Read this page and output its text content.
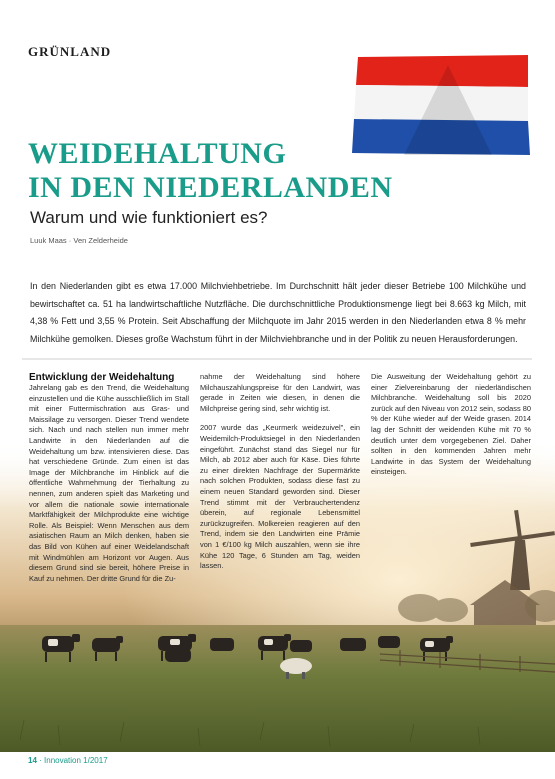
GRÜNLAND
WEIDEHALTUNG
IN DEN NIEDERLANDEN
Warum und wie funktioniert es?
Luuk Maas · Ven Zelderheide
In den Niederlanden gibt es etwa 17.000 Milchviehbetriebe. Im Durchschnitt hält jeder dieser Betriebe 100 Milchkühe und bewirtschaftet ca. 51 ha landwirtschaftliche Nutzfläche. Die durchschnittliche Produktionsmenge liegt bei 8.663 kg Milch, mit 4,38 % Fett und 3,55 % Protein. Seit Abschaffung der Milchquote im Jahr 2015 werden in den Niederlanden etwa 8 % mehr Milchkühe gemolken. Dieses große Wachstum führt in der Milchviehbranche und in der Politik zu neuen Herausforderungen.
Entwicklung der Weidehaltung

Jahrelang gab es den Trend, die Weidehaltung einzustellen und die Kühe ausschließlich im Stall mit einer Futtermischration aus Gras- und Maissilage zu versorgen. Dieser Trend wendete sich. Nach und nach stellen nun immer mehr Landwirte in den Niederlanden auf die Weidehaltung um bzw. intensivieren diese. Das hat verschiedene Gründe. Zum einen ist das Image der Milchbranche im Hinblick auf die öffentliche Wahrnehmung der Tierhaltung zu nennen, zum anderen spielt das Marketing und vor allem die nationale sowie internationale Marktfähigkeit der Milchprodukte eine wichtige Rolle. Als Beispiel: Wenn Menschen aus dem asiatischen Raum an Milch denken, haben sie das Bild von Kühen auf einer Weidelandschaft mit Windmühlen am Horizont vor Augen. Aus diesem Grund sind sie bereit, höhere Preise in Kauf zu nehmen. Der dritte Grund für die Zu-

nahme der Weidehaltung sind höhere Milchauszahlungspreise für den Landwirt, was gerade in Zeiten wie diesen, in denen die Milchpreise gering sind, sehr wichtig ist.

2007 wurde das „Keurmerk weidezuivel", ein Weidemilch-Produktsiegel in den Niederlanden eingeführt. Zunächst stand das Siegel nur für Milch, ab 2012 aber auch für Käse. Dies führte zu einer direkten Nachfrage der Supermärkte nach solchen Produkten, sodass diese fast zu einem neuen Standard geworden sind. Dieser Trend stimmt mit der Verbrauchertendenz überein, auf regionale Lebensmittel zurückzugreifen. Molkereien reagieren auf den Trend, indem sie den Landwirten eine Prämie von 1 €/100 kg Milch auszahlen, wenn sie ihre Kühe 120 Tage, 6 Stunden am Tag, weiden lassen.

Die Ausweitung der Weidehaltung gehört zu einer Zielvereinbarung der niederländischen Milchbranche. Weidehaltung soll bis 2020 zurück auf den Niveau von 2012 sein, sodass 80 % der Kühe wieder auf der Weide grasen. 2014 lag der Schnitt der weidenden Kühe mit 70 % deutlich unter dem vorgegebenen Ziel. Daher sollten in den kommenden Jahren mehr Landwirte in das System der Weidehaltung einsteigen.

14 · Innovation 1/2017
